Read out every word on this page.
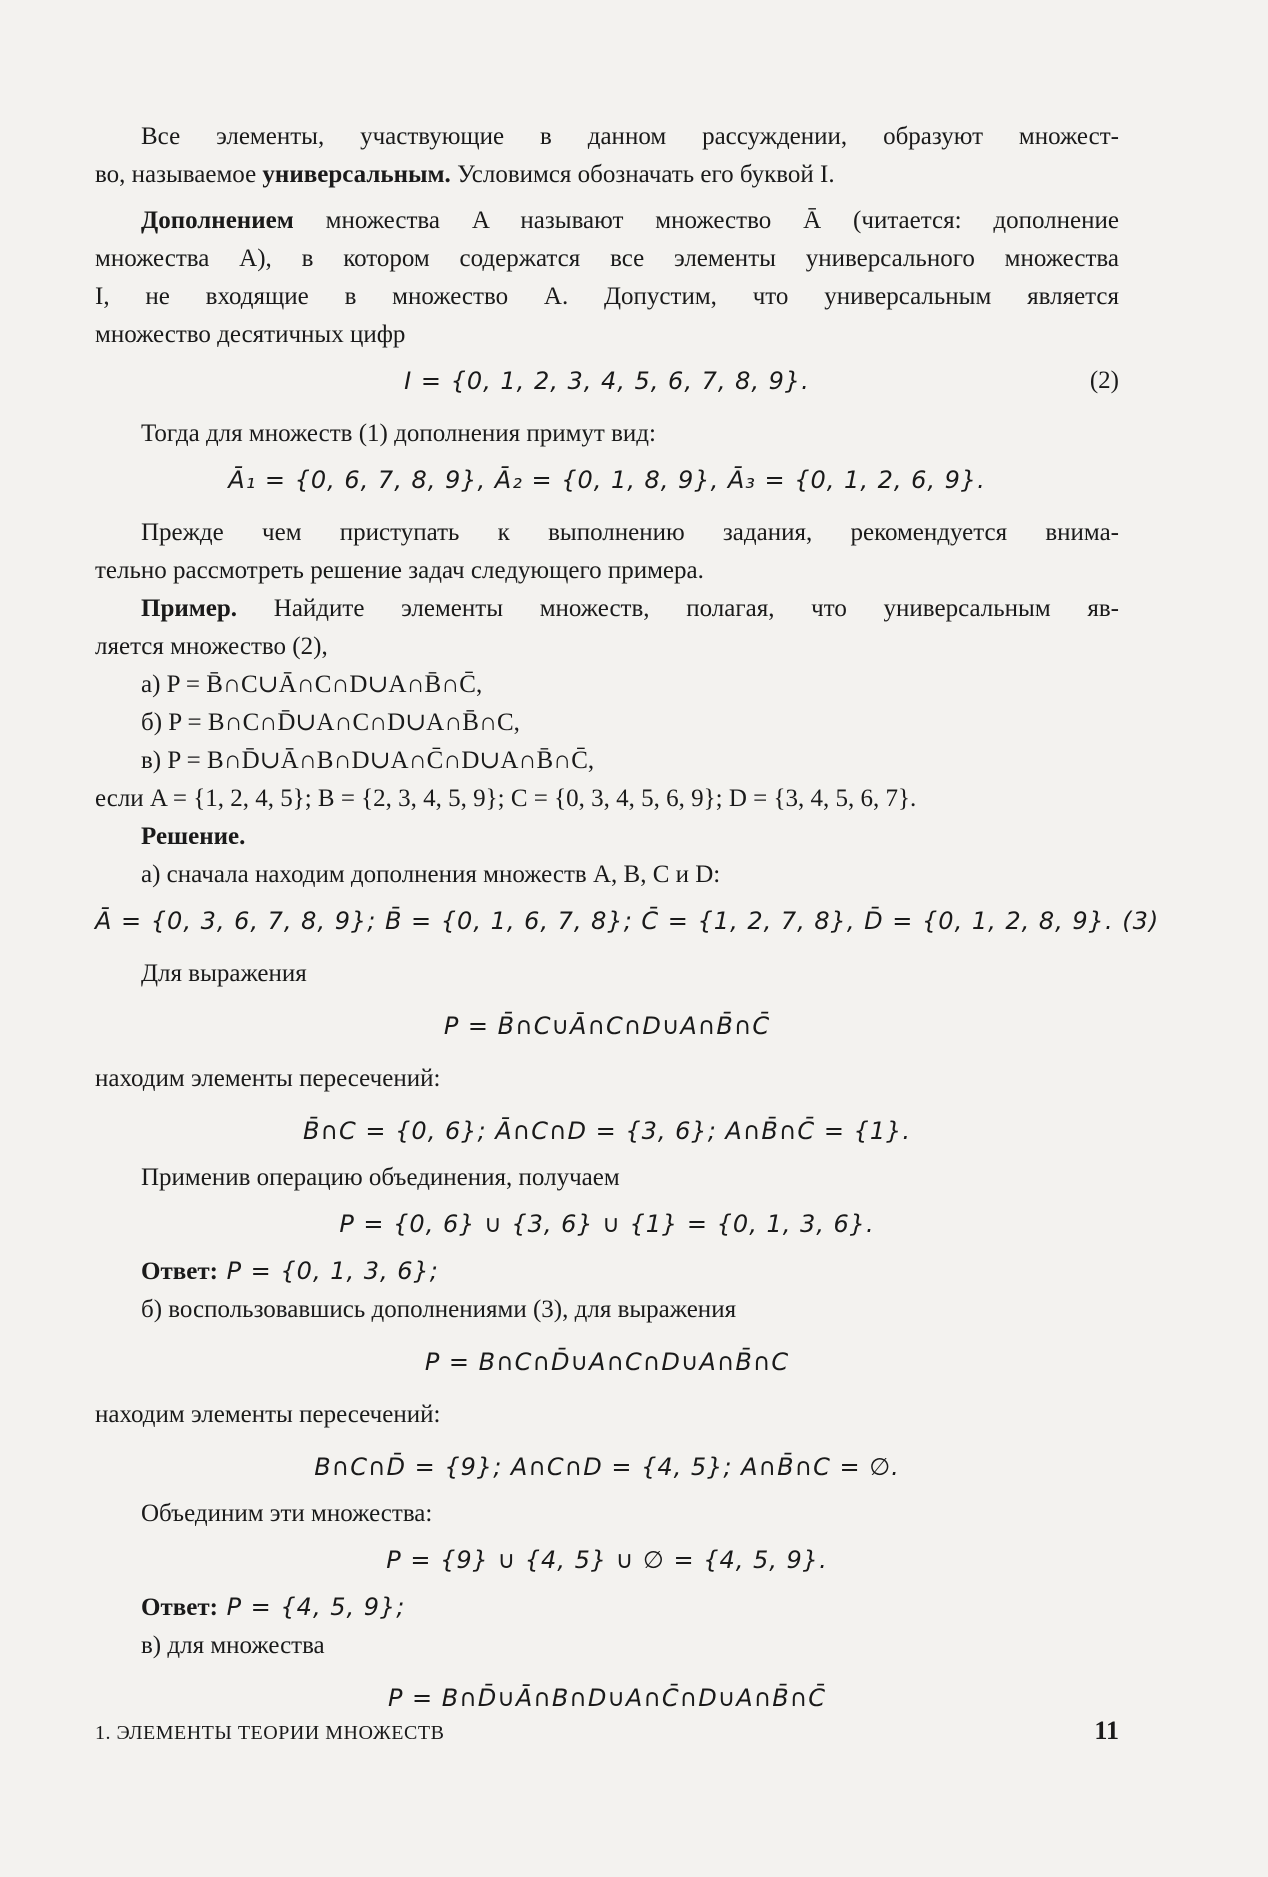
Все элементы, участвующие в данном рассуждении, образуют множест-

во, называемое универсальным. Условимся обозначать его буквой I.

Дополнением множества A называют множество Ā (читается: дополнение

множества A), в котором содержатся все элементы универсального множества

I, не входящие в множество A. Допустим, что универсальным является

множество десятичных цифр

I = {0, 1, 2, 3, 4, 5, 6, 7, 8, 9}.	(2)

Тогда для множеств (1) дополнения примут вид:

Ā₁ = {0, 6, 7, 8, 9}, Ā₂ = {0, 1, 8, 9}, Ā₃ = {0, 1, 2, 6, 9}.

Прежде чем приступать к выполнению задания, рекомендуется внима-

тельно рассмотреть решение задач следующего примера.

Пример. Найдите элементы множеств, полагая, что универсальным яв-

ляется множество (2),

а) P = B̄∩C∪Ā∩C∩D∪A∩B̄∩C̄,

б) P = B∩C∩D̄∪A∩C∩D∪A∩B̄∩C,

в) P = B∩D̄∪Ā∩B∩D∪A∩C̄∩D∪A∩B̄∩C̄,

если A = {1, 2, 4, 5}; B = {2, 3, 4, 5, 9}; C = {0, 3, 4, 5, 6, 9}; D = {3, 4, 5, 6, 7}.

Решение.

а) сначала находим дополнения множеств A, B, C и D:

Ā = {0, 3, 6, 7, 8, 9}; B̄ = {0, 1, 6, 7, 8}; C̄ = {1, 2, 7, 8}, D̄ = {0, 1, 2, 8, 9}. (3)

Для выражения

P = B̄∩C∪Ā∩C∩D∪A∩B̄∩C̄

находим элементы пересечений:

B̄∩C = {0, 6}; Ā∩C∩D = {3, 6}; A∩B̄∩C̄ = {1}.

Применив операцию объединения, получаем

P = {0, 6} ∪ {3, 6} ∪ {1} = {0, 1, 3, 6}.

Ответ: P = {0, 1, 3, 6};

б) воспользовавшись дополнениями (3), для выражения

P = B∩C∩D̄∪A∩C∩D∪A∩B̄∩C

находим элементы пересечений:

B∩C∩D̄ = {9}; A∩C∩D = {4, 5}; A∩B̄∩C = ∅.

Объединим эти множества:

P = {9} ∪ {4, 5} ∪ ∅ = {4, 5, 9}.

Ответ: P = {4, 5, 9};

в) для множества

P = B∩D̄∪Ā∩B∩D∪A∩C̄∩D∪A∩B̄∩C̄
1. ЭЛЕМЕНТЫ ТЕОРИИ МНОЖЕСТВ	11
